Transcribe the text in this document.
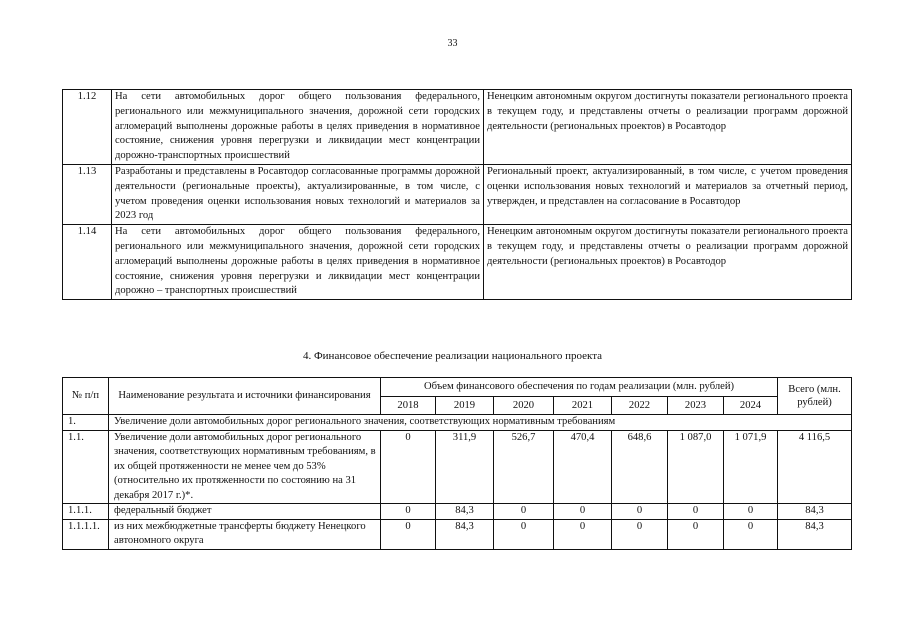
33
1.12	На сети автомобильных дорог общего пользования федерального, регионального или межмуниципального значения, дорожной сети городских агломераций выполнены дорожные работы в целях приведения в нормативное состояние, снижения уровня перегрузки и ликвидации мест концентрации дорожно-транспортных происшествий	Ненецким автономным округом достигнуты показатели регионального проекта в текущем году, и представлены отчеты о реализации программ дорожной деятельности (региональных проектов) в Росавтодор
1.13	Разработаны и представлены в Росавтодор согласованные программы дорожной деятельности (региональные проекты), актуализированные, в том числе, с учетом проведения оценки использования новых технологий и материалов за 2023 год	Региональный проект, актуализированный, в том числе, с учетом проведения оценки использования новых технологий и материалов за отчетный период, утвержден, и представлен на согласование в Росавтодор
1.14	На сети автомобильных дорог общего пользования федерального, регионального или межмуниципального значения, дорожной сети городских агломераций выполнены дорожные работы в целях приведения в нормативное состояние, снижения уровня перегрузки и ликвидации мест концентрации дорожно – транспортных происшествий	Ненецким автономным округом достигнуты показатели регионального проекта в текущем году, и представлены отчеты о реализации программ дорожной деятельности (региональных проектов) в Росавтодор
4. Финансовое обеспечение реализации национального проекта
№ п/п	Наименование результата и источники финансирования	Объем финансового обеспечения по годам реализации (млн. рублей)							Всего (млн. рублей)
		2018	2019	2020	2021	2022	2023	2024	
1.	Увеличение доли автомобильных дорог регионального значения, соответствующих нормативным требованиям								
1.1.	Увеличение доли автомобильных дорог регионального значения, соответствующих нормативным требованиям, в их общей протяженности не менее чем до 53% (относительно их протяженности по состоянию на 31 декабря 2017 г.)*.	0	311,9	526,7	470,4	648,6	1 087,0	1 071,9	4 116,5
1.1.1.	федеральный бюджет	0	84,3	0	0	0	0	0	84,3
1.1.1.1.	из них межбюджетные трансферты бюджету Ненецкого автономного округа	0	84,3	0	0	0	0	0	84,3
